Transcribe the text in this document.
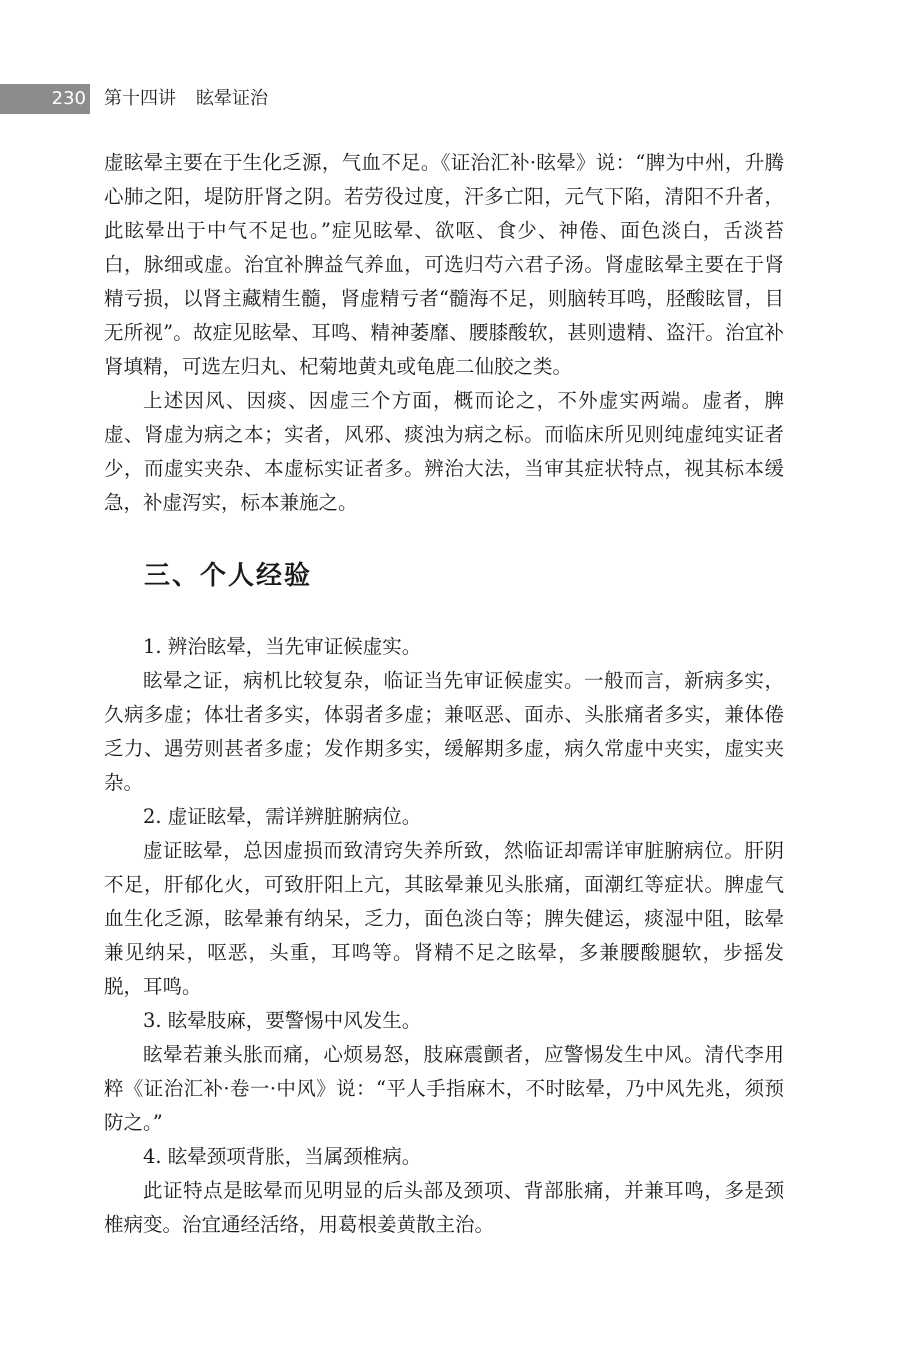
230 第十四讲 眩晕证治

虚眩晕主要在于生化乏源，气血不足。《证治汇补·眩晕》说：“脾为中州，升腾心肺之阳，堤防肝肾之阴。若劳役过度，汗多亡阳，元气下陷，清阳不升者，此眩晕出于中气不足也。”症见眩晕、欲呕、食少、神倦、面色淡白，舌淡苔白，脉细或虚。治宜补脾益气养血，可选归芍六君子汤。肾虚眩晕主要在于肾精亏损，以肾主藏精生髓，肾虚精亏者“髓海不足，则脑转耳鸣，胫酸眩冒，目无所视”。故症见眩晕、耳鸣、精神萎靡、腰膝酸软，甚则遗精、盗汗。治宜补肾填精，可选左归丸、杞菊地黄丸或龟鹿二仙胶之类。

上述因风、因痰、因虚三个方面，概而论之，不外虚实两端。虚者，脾虚、肾虚为病之本；实者，风邪、痰浊为病之标。而临床所见则纯虚纯实证者少，而虚实夹杂、本虚标实证者多。辨治大法，当审其症状特点，视其标本缓急，补虚泻实，标本兼施之。

三、个人经验

1. 辨治眩晕，当先审证候虚实。

眩晕之证，病机比较复杂，临证当先审证候虚实。一般而言，新病多实，久病多虚；体壮者多实，体弱者多虚；兼呕恶、面赤、头胀痛者多实，兼体倦乏力、遇劳则甚者多虚；发作期多实，缓解期多虚，病久常虚中夹实，虚实夹杂。

2. 虚证眩晕，需详辨脏腑病位。

虚证眩晕，总因虚损而致清窍失养所致，然临证却需详审脏腑病位。肝阴不足，肝郁化火，可致肝阳上亢，其眩晕兼见头胀痛，面潮红等症状。脾虚气血生化乏源，眩晕兼有纳呆，乏力，面色淡白等；脾失健运，痰湿中阻，眩晕兼见纳呆，呕恶，头重，耳鸣等。肾精不足之眩晕，多兼腰酸腿软，步摇发脱，耳鸣。

3. 眩晕肢麻，要警惕中风发生。

眩晕若兼头胀而痛，心烦易怒，肢麻震颤者，应警惕发生中风。清代李用粹《证治汇补·卷一·中风》说：“平人手指麻木，不时眩晕，乃中风先兆，须预防之。”

4. 眩晕颈项背胀，当属颈椎病。

此证特点是眩晕而见明显的后头部及颈项、背部胀痛，并兼耳鸣，多是颈椎病变。治宜通经活络，用葛根姜黄散主治。
